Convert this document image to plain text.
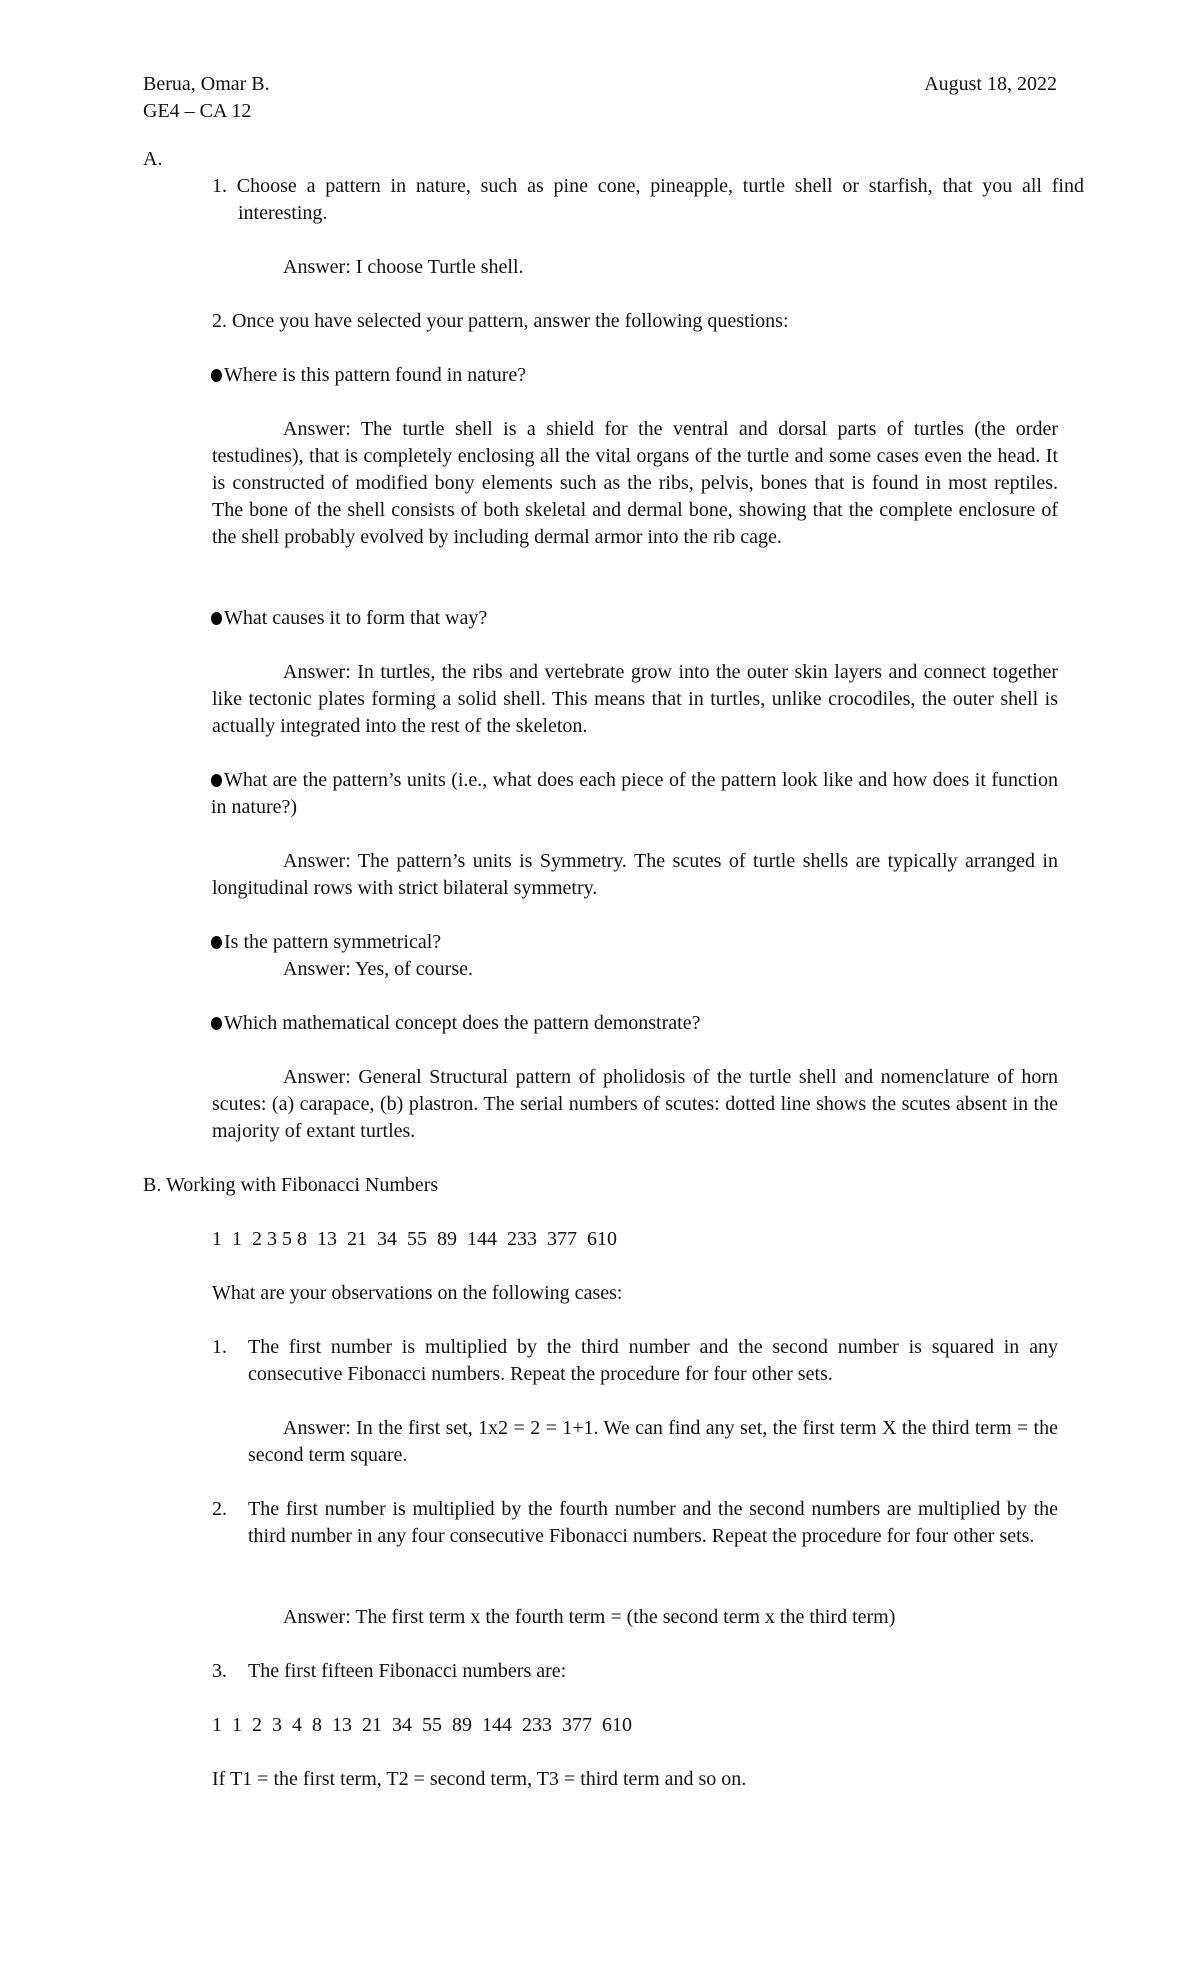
Berua, Omar B.	August 18, 2022
GE4 – CA 12
A.
1. Choose a pattern in nature, such as pine cone, pineapple, turtle shell or starfish, that you all find interesting.
Answer: I choose Turtle shell.
2. Once you have selected your pattern, answer the following questions:
Where is this pattern found in nature?
Answer: The turtle shell is a shield for the ventral and dorsal parts of turtles (the order testudines), that is completely enclosing all the vital organs of the turtle and some cases even the head. It is constructed of modified bony elements such as the ribs, pelvis, bones that is found in most reptiles. The bone of the shell consists of both skeletal and dermal bone, showing that the complete enclosure of the shell probably evolved by including dermal armor into the rib cage.
What causes it to form that way?
Answer: In turtles, the ribs and vertebrate grow into the outer skin layers and connect together like tectonic plates forming a solid shell. This means that in turtles, unlike crocodiles, the outer shell is actually integrated into the rest of the skeleton.
What are the pattern’s units (i.e., what does each piece of the pattern look like and how does it function in nature?)
Answer: The pattern’s units is Symmetry. The scutes of turtle shells are typically arranged in longitudinal rows with strict bilateral symmetry.
Is the pattern symmetrical?
Answer: Yes, of course.
Which mathematical concept does the pattern demonstrate?
Answer: General Structural pattern of pholidosis of the turtle shell and nomenclature of horn scutes: (a) carapace, (b) plastron. The serial numbers of scutes: dotted line shows the scutes absent in the majority of extant turtles.
B. Working with Fibonacci Numbers
1  1  2 3 5 8  13  21  34  55  89  144  233  377  610
What are your observations on the following cases:
1. The first number is multiplied by the third number and the second number is squared in any consecutive Fibonacci numbers. Repeat the procedure for four other sets.
Answer: In the first set, 1x2 = 2 = 1+1. We can find any set, the first term X the third term = the second term square.
2. The first number is multiplied by the fourth number and the second numbers are multiplied by the third number in any four consecutive Fibonacci numbers. Repeat the procedure for four other sets.
Answer: The first term x the fourth term = (the second term x the third term)
3. The first fifteen Fibonacci numbers are:
1  1  2  3  4  8  13  21  34  55  89  144  233  377  610
If T1 = the first term, T2 = second term, T3 = third term and so on.
